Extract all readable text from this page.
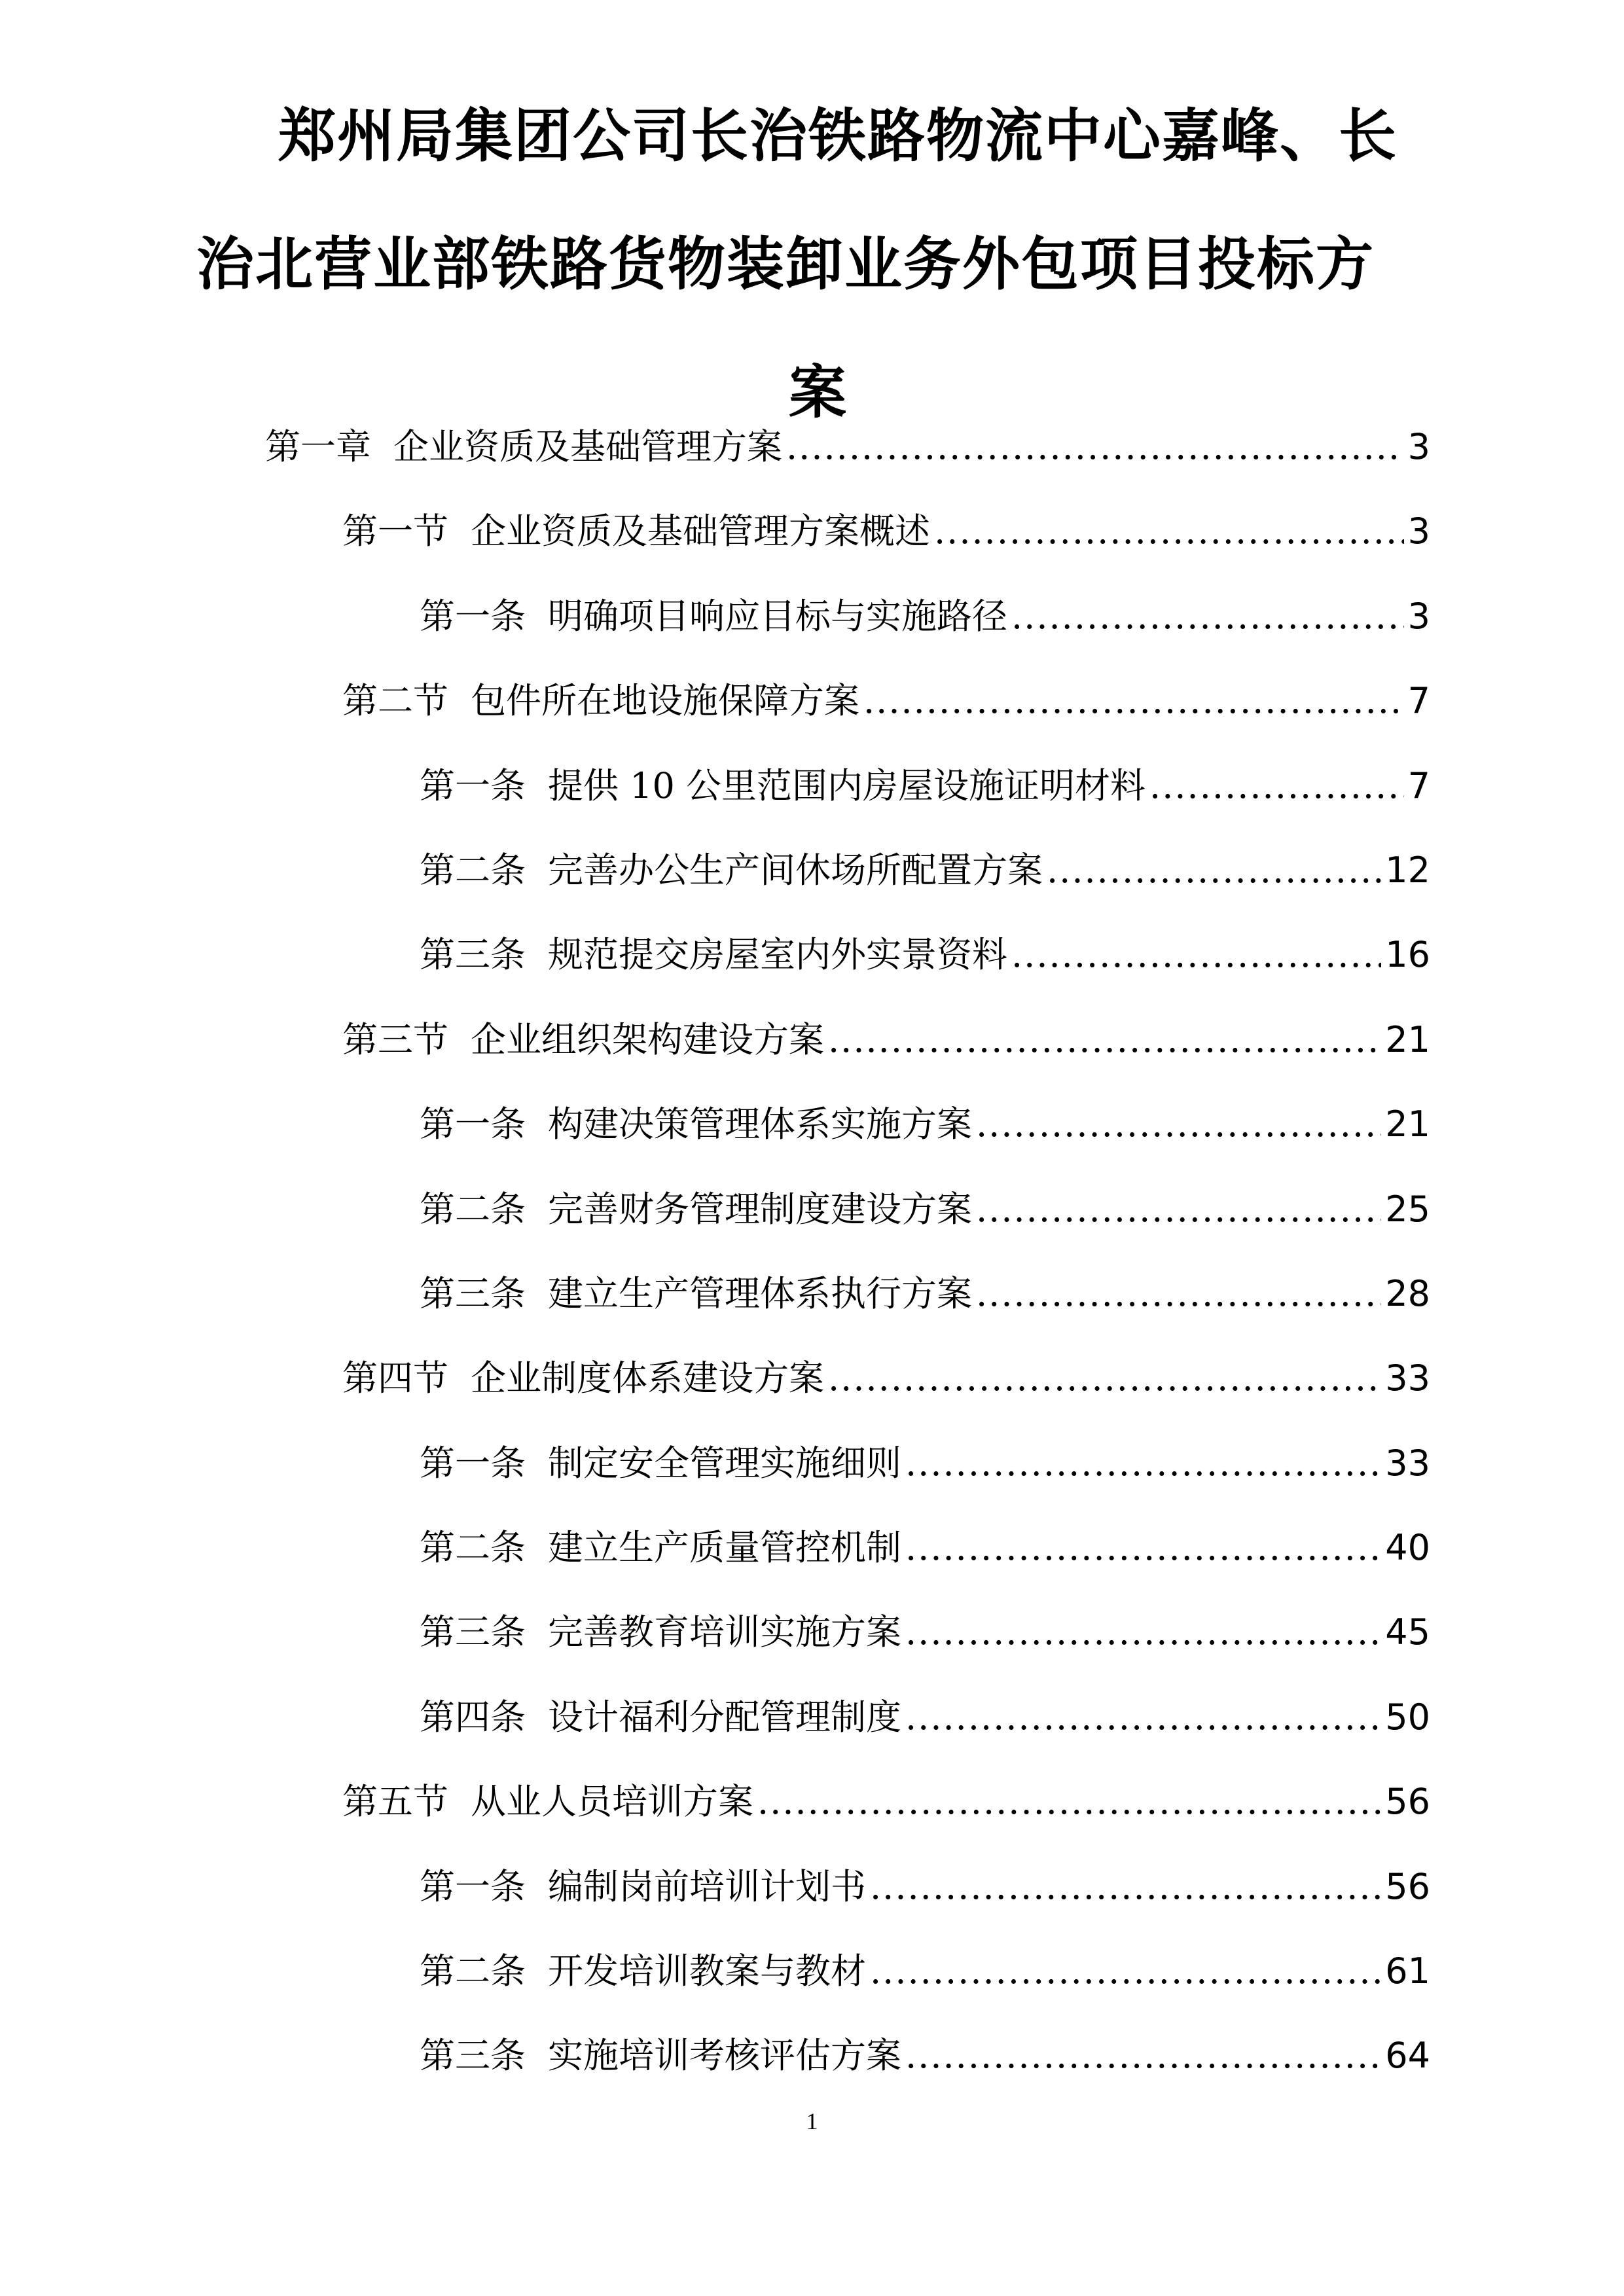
郑州局集团公司长治铁路物流中心嘉峰、长
治北营业部铁路货物装卸业务外包项目投标方
案
第一章 企业资质及基础管理方案 .....	3
第一节 企业资质及基础管理方案概述 .....	3
第一条 明确项目响应目标与实施路径 .....	3
第二节 包件所在地设施保障方案 .....	7
第一条 提供 10 公里范围内房屋设施证明材料 .....	7
第二条 完善办公生产间休场所配置方案 .....	12
第三条 规范提交房屋室内外实景资料 .....	16
第三节 企业组织架构建设方案 .....	21
第一条 构建决策管理体系实施方案 .....	21
第二条 完善财务管理制度建设方案 .....	25
第三条 建立生产管理体系执行方案 .....	28
第四节 企业制度体系建设方案 .....	33
第一条 制定安全管理实施细则 .....	33
第二条 建立生产质量管控机制 .....	40
第三条 完善教育培训实施方案 .....	45
第四条 设计福利分配管理制度 .....	50
第五节 从业人员培训方案 .....	56
第一条 编制岗前培训计划书 .....	56
第二条 开发培训教案与教材 .....	61
第三条 实施培训考核评估方案 .....	64
1
